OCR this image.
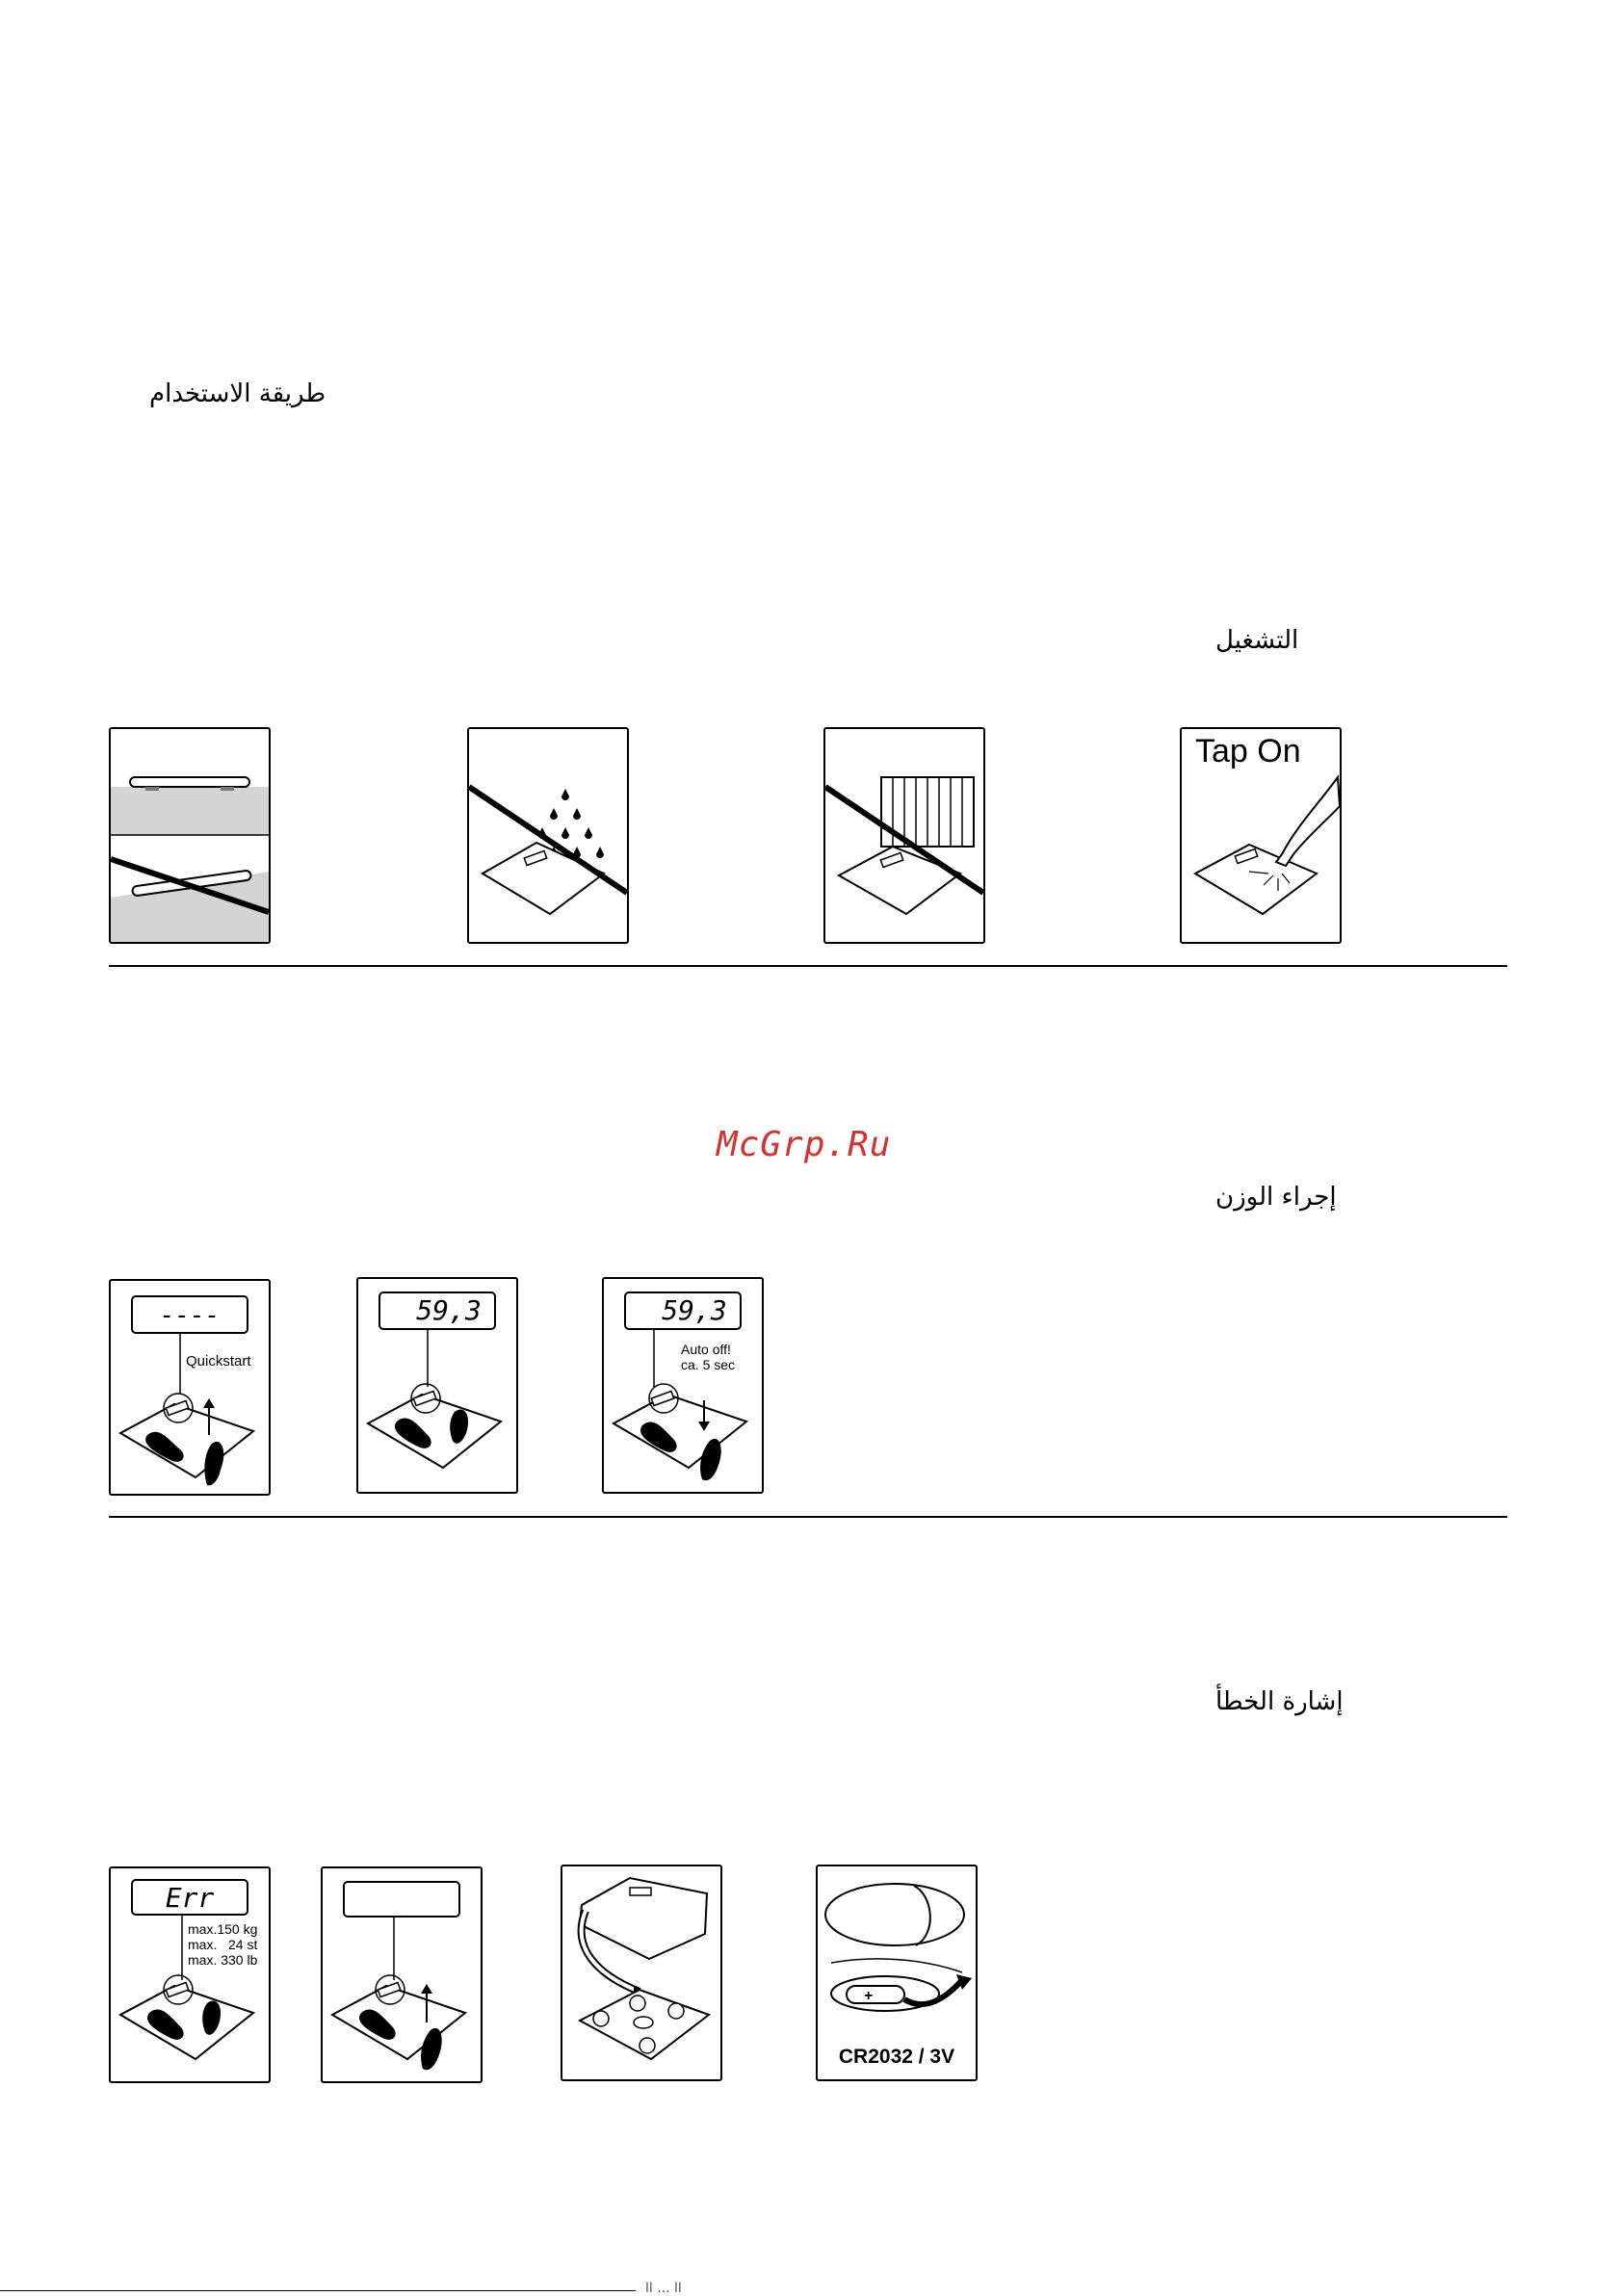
طريقة الاستخدام
التشغيل
إجراء الوزن
إشارة الخطأ
McGrp.Ru
Tap On
----
Quickstart
59,3	59,3
Auto off!
ca. 5 sec
Err
max.150 kg
max.   24 st
max. 330 lb
+
CR2032 / 3V
اا ... اا
